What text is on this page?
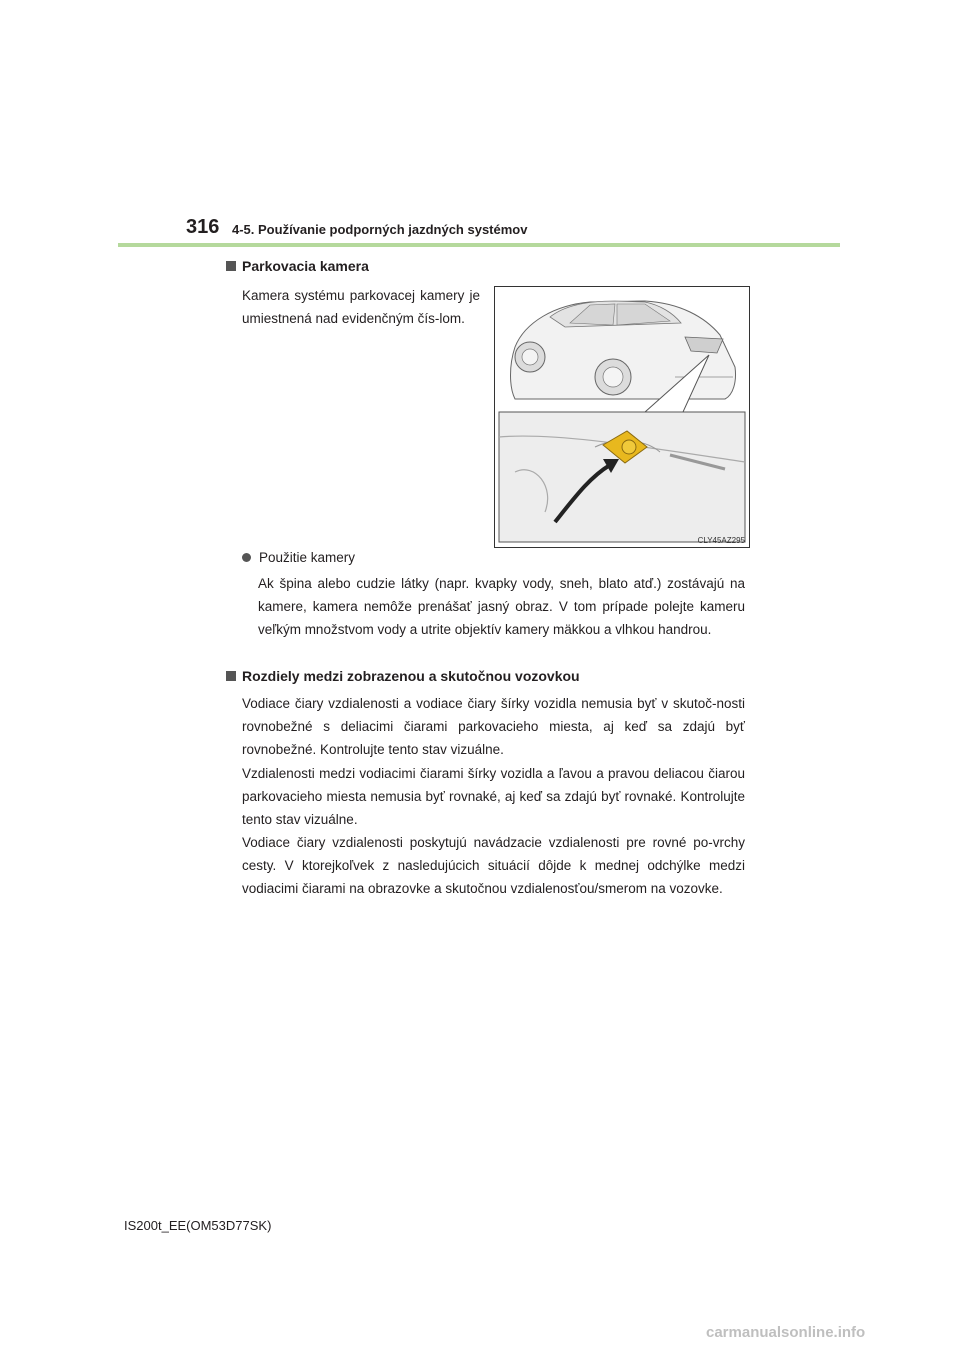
316 4-5. Používanie podporných jazdných systémov
Parkovacia kamera

Kamera systému parkovacej kamery je umiestnená nad evidenčným čís-lom.

CLY45AZ295
Použitie kamery

Ak špina alebo cudzie látky (napr. kvapky vody, sneh, blato atď.) zostávajú na kamere, kamera nemôže prenášať jasný obraz. V tom prípade polejte kameru veľkým množstvom vody a utrite objektív kamery mäkkou a vlhkou handrou.

Rozdiely medzi zobrazenou a skutočnou vozovkou

Vodiace čiary vzdialenosti a vodiace čiary šírky vozidla nemusia byť v skutoč-nosti rovnobežné s deliacimi čiarami parkovacieho miesta, aj keď sa zdajú byť rovnobežné. Kontrolujte tento stav vizuálne.

Vzdialenosti medzi vodiacimi čiarami šírky vozidla a ľavou a pravou deliacou čiarou parkovacieho miesta nemusia byť rovnaké, aj keď sa zdajú byť rovnaké. Kontrolujte tento stav vizuálne.

Vodiace čiary vzdialenosti poskytujú navádzacie vzdialenosti pre rovné po-vrchy cesty. V ktorejkoľvek z nasledujúcich situácií dôjde k mednej odchýlke medzi vodiacimi čiarami na obrazovke a skutočnou vzdialenosťou/smerom na vozovke.

IS200t_EE(OM53D77SK)
carmanualsonline.info
